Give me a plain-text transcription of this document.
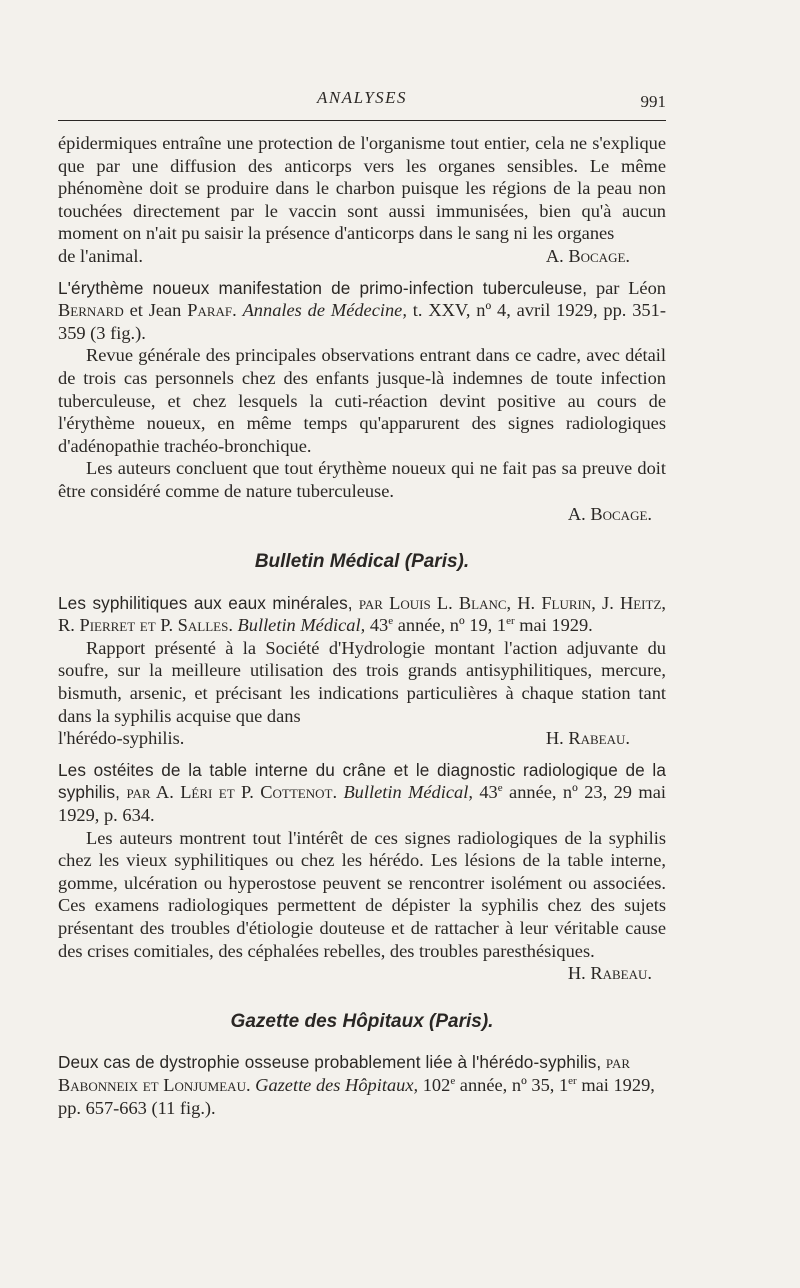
ANALYSES	991

épidermiques entraîne une protection de l'organisme tout entier, cela ne s'explique que par une diffusion des anticorps vers les organes sensibles. Le même phénomène doit se produire dans le charbon puisque les régions de la peau non touchées directement par le vaccin sont aussi immunisées, bien qu'à aucun moment on n'ait pu saisir la présence d'anticorps dans le sang ni les organes

de l'animal.	A. Bocage.

L'érythème noueux manifestation de primo-infection tuberculeuse, par Léon Bernard et Jean Paraf. Annales de Médecine, t. XXV, nº 4, avril 1929, pp. 351-359 (3 fig.).

Revue générale des principales observations entrant dans ce cadre, avec détail de trois cas personnels chez des enfants jusque-là indemnes de toute infection tuberculeuse, et chez lesquels la cuti-réaction devint positive au cours de l'érythème noueux, en même temps qu'apparurent des signes radiologiques d'adénopathie trachéo-bronchique.

Les auteurs concluent que tout érythème noueux qui ne fait pas sa preuve doit être considéré comme de nature tuberculeuse.

A. Bocage.
Bulletin Médical (Paris).

Les syphilitiques aux eaux minérales, par Louis L. Blanc, H. Flurin, J. Heitz, R. Pierret et P. Salles. Bulletin Médical, 43e année, nº 19, 1er mai 1929.

Rapport présenté à la Société d'Hydrologie montant l'action adjuvante du soufre, sur la meilleure utilisation des trois grands antisyphilitiques, mercure, bismuth, arsenic, et précisant les indications particulières à chaque station tant dans la syphilis acquise que dans

l'hérédo-syphilis.	H. Rabeau.

Les ostéites de la table interne du crâne et le diagnostic radiologique de la syphilis, par A. Léri et P. Cottenot. Bulletin Médical, 43e année, nº 23, 29 mai 1929, p. 634.

Les auteurs montrent tout l'intérêt de ces signes radiologiques de la syphilis chez les vieux syphilitiques ou chez les hérédo. Les lésions de la table interne, gomme, ulcération ou hyperostose peuvent se rencontrer isolément ou associées. Ces examens radiologiques permettent de dépister la syphilis chez des sujets présentant des troubles d'étiologie douteuse et de rattacher à leur véritable cause des crises comitiales, des céphalées rebelles, des troubles paresthésiques.

H. Rabeau.
Gazette des Hôpitaux (Paris).

Deux cas de dystrophie osseuse probablement liée à l'hérédo-syphilis, par Babonneix et Lonjumeau. Gazette des Hôpitaux, 102e année, nº 35, 1er mai 1929, pp. 657-663 (11 fig.).
